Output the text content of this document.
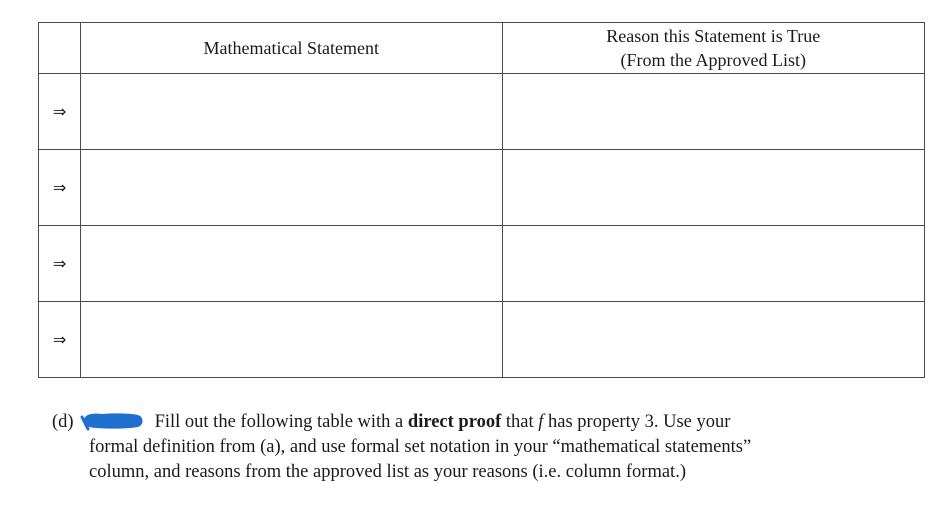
	Mathematical Statement	Reason this Statement is True
(From the Approved List)

⇒		
⇒		
⇒		
⇒		
(d)	Fill out the following table with a direct proof that f has property 3. Use your
formal definition from (a), and use formal set notation in your “mathematical statements”
column, and reasons from the approved list as your reasons (i.e. column format.)
